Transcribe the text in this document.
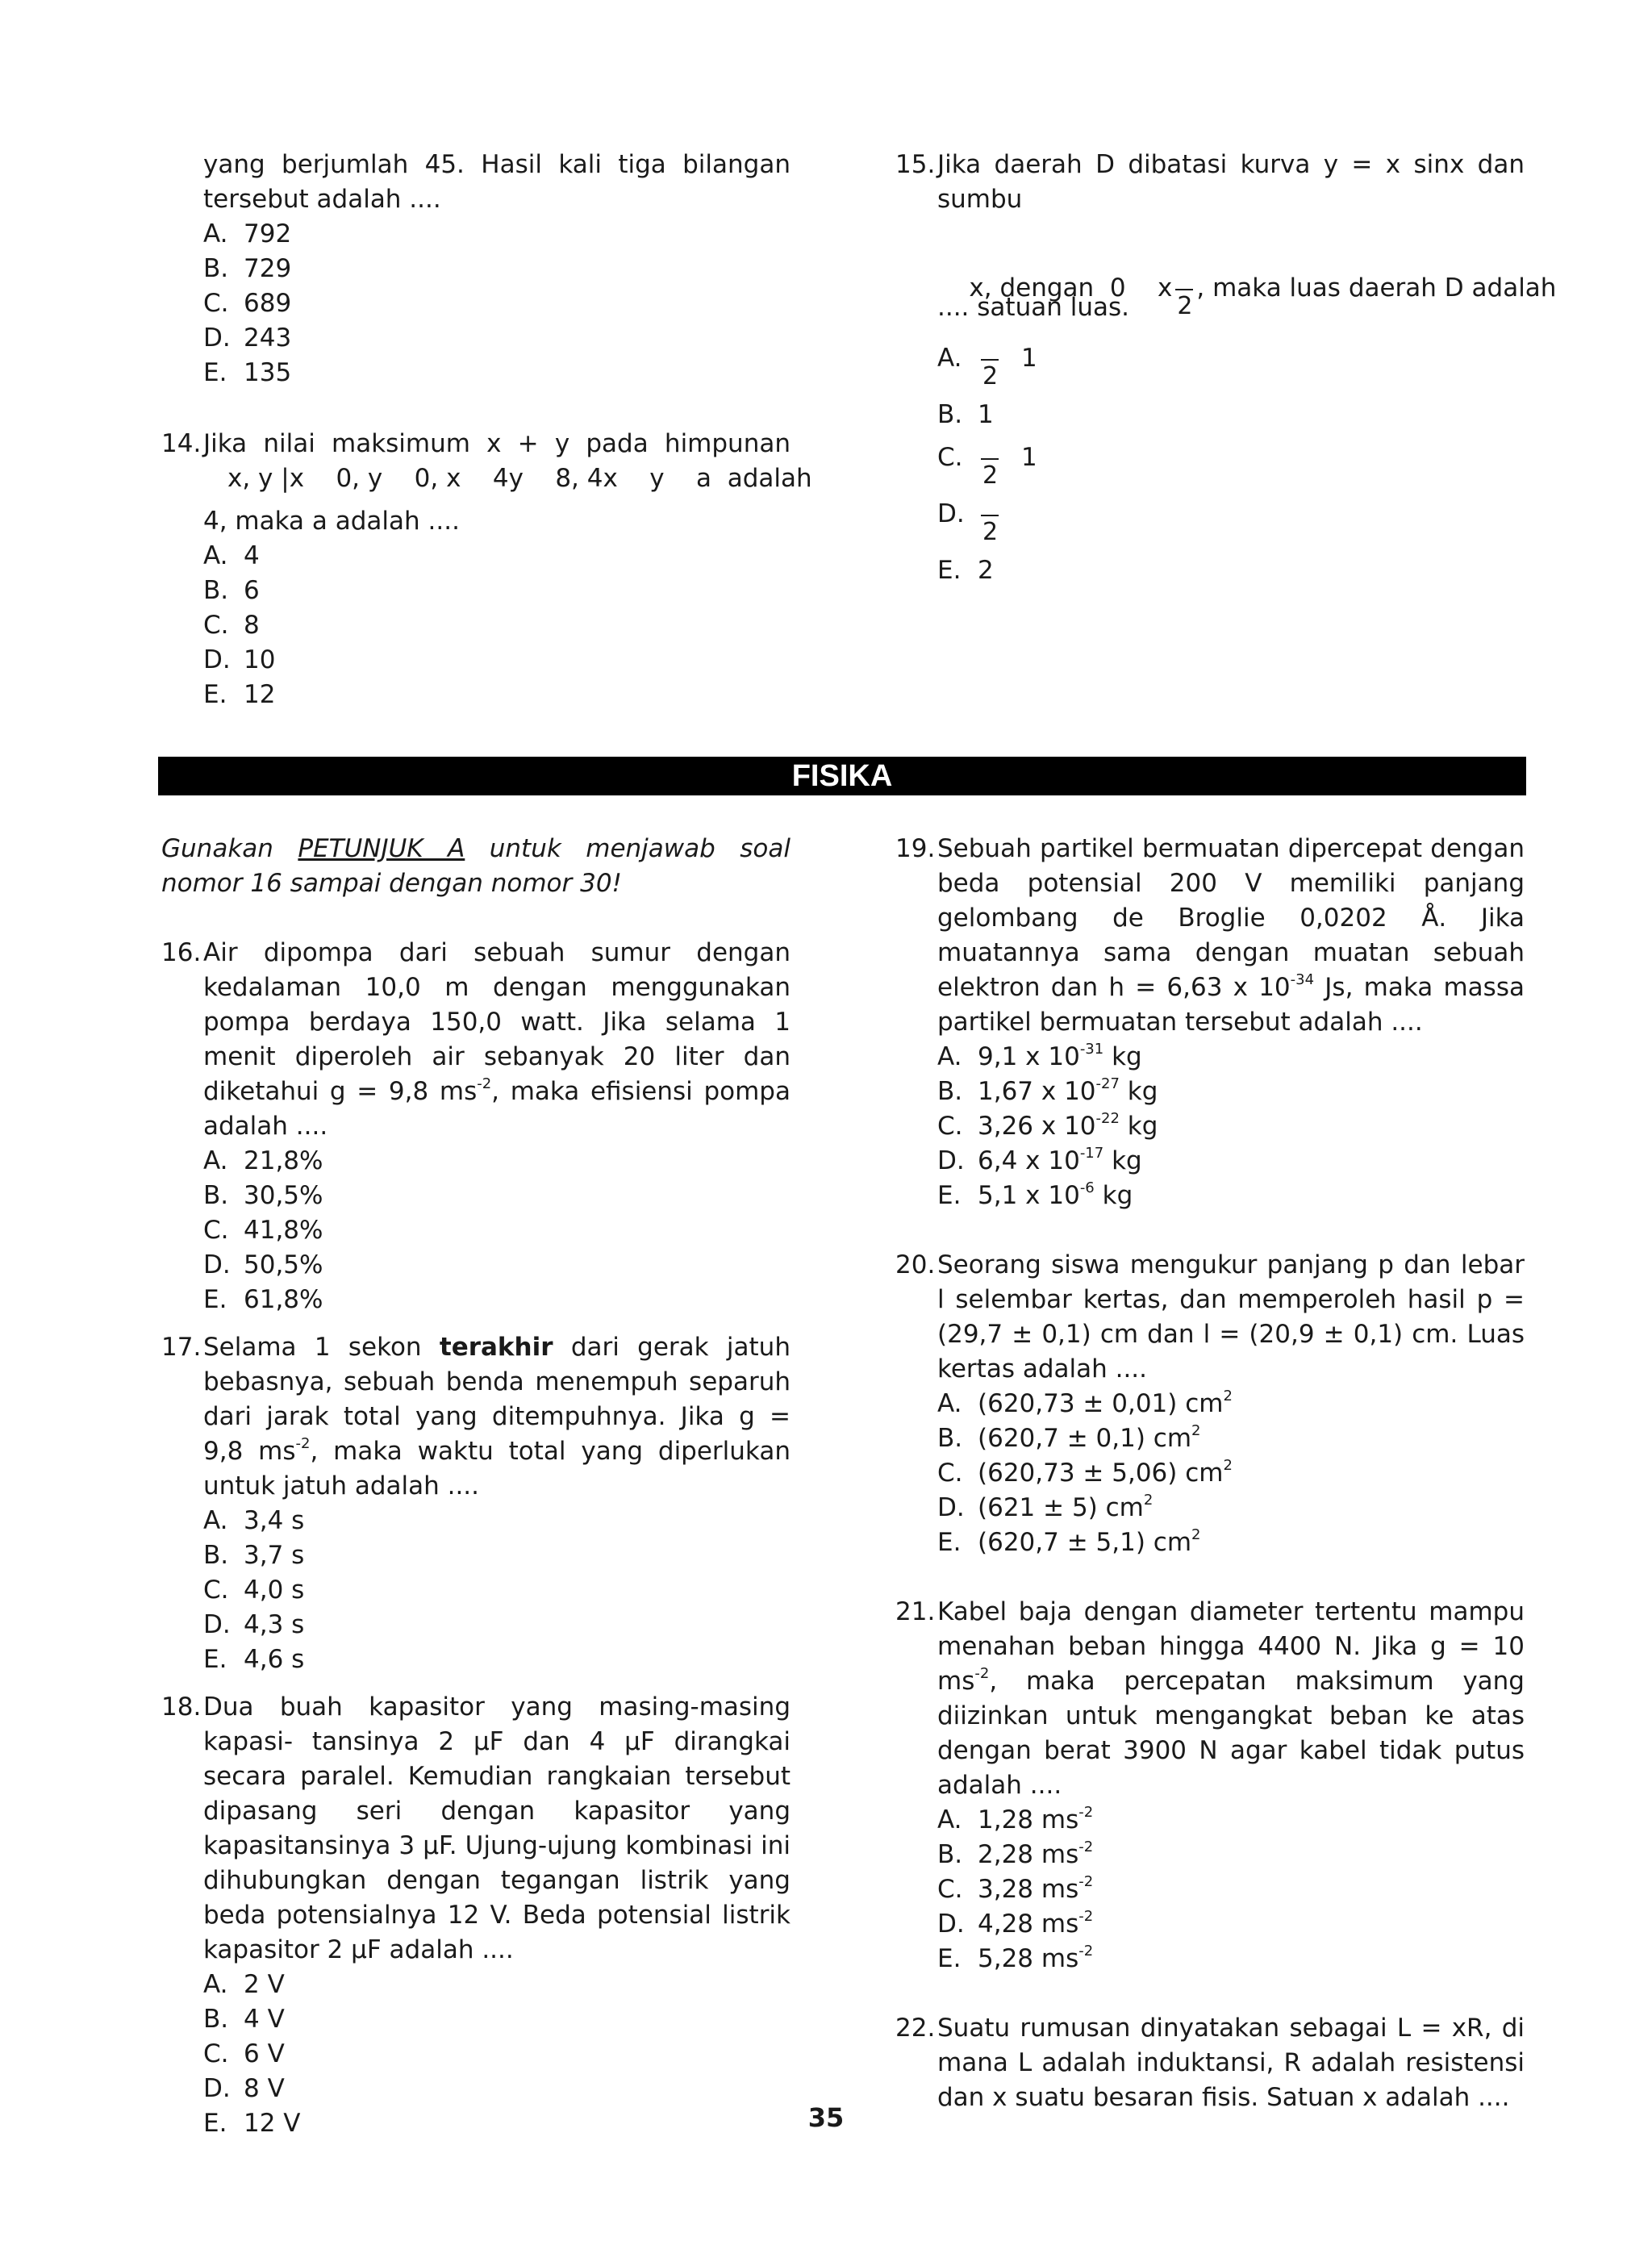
yang berjumlah 45. Hasil kali tiga bilangan

tersebut adalah ....

A. 792
B. 729
C. 689
D. 243
E. 135
14. Jika nilai maksimum x + y pada himpunan
x, y |x    0, y    0, x    4y    8, 4x    y    a  adalah

4, maka a adalah ....

A. 4
B. 6
C. 8
D. 10
E. 12
15. Jika daerah D dibatasi kurva y = x sinx dan sumbu

x, dengan  0    x
2
, maka luas daerah D adalah

.... satuan luas.

A.
2
1
B. 1
C.
2
1
D.
2
E. 2
FISIKA

Gunakan PETUNJUK A untuk menjawab soal nomor 16 sampai dengan nomor 30!

16. Air dipompa dari sebuah sumur dengan kedalaman 10,0 m dengan menggunakan pompa berdaya 150,0 watt. Jika selama 1 menit diperoleh air sebanyak 20 liter dan diketahui g = 9,8 $ms^{-2}$, maka efisiensi pompa adalah ....
A. 21,8%
B. 30,5%
C. 41,8%
D. 50,5%
E. 61,8%
17. Selama 1 sekon terakhir dari gerak jatuh bebasnya, sebuah benda menempuh separuh dari jarak total yang ditempuhnya. Jika g = 9,8 $ms^{-2}$, maka waktu total yang diperlukan untuk jatuh adalah ....
A. 3,4 s
B. 3,7 s
C. 4,0 s
D. 4,3 s
E. 4,6 s
18. Dua buah kapasitor yang masing-masing kapasi- tansinya 2 μF dan 4 μF dirangkai secara paralel. Kemudian rangkaian tersebut dipasang seri dengan kapasitor yang kapasitansinya 3 μF. Ujung-ujung kombinasi ini dihubungkan dengan tegangan listrik yang beda potensialnya 12 V. Beda potensial listrik kapasitor 2 μF adalah ....
A. 2 V
B. 4 V
C. 6 V
D. 8 V
E. 12 V
19. Sebuah partikel bermuatan dipercepat dengan beda potensial 200 V memiliki panjang gelombang de Broglie 0,0202 Å. Jika muatannya sama dengan muatan sebuah elektron dan h = 6,63 x $10^{-34}$ Js, maka massa partikel bermuatan tersebut adalah ....
A. 9,1 x $10^{-31}$ kg
B. 1,67 x $10^{-27}$ kg
C. 3,26 x $10^{-22}$ kg
D. 6,4 x $10^{-17}$ kg
E. 5,1 x $10^{-6}$ kg
20. Seorang siswa mengukur panjang p dan lebar l selembar kertas, dan memperoleh hasil p = (29,7 ± 0,1) cm dan l = (20,9 ± 0,1) cm. Luas kertas adalah ....
A. (620,73 ± 0,01) $cm^2$
B. (620,7 ± 0,1) $cm^2$
C. (620,73 ± 5,06) $cm^2$
D. (621 ± 5) $cm^2$
E. (620,7 ± 5,1) $cm^2$
21. Kabel baja dengan diameter tertentu mampu menahan beban hingga 4400 N. Jika g = 10 $ms^{-2}$, maka percepatan maksimum yang diizinkan untuk mengangkat beban ke atas dengan berat 3900 N agar kabel tidak putus adalah ....
A. 1,28 $ms^{-2}$
B. 2,28 $ms^{-2}$
C. 3,28 $ms^{-2}$
D. 4,28 $ms^{-2}$
E. 5,28 $ms^{-2}$
22. Suatu rumusan dinyatakan sebagai L = xR, di mana L adalah induktansi, R adalah resistensi dan x suatu besaran fisis. Satuan x adalah ....
35
